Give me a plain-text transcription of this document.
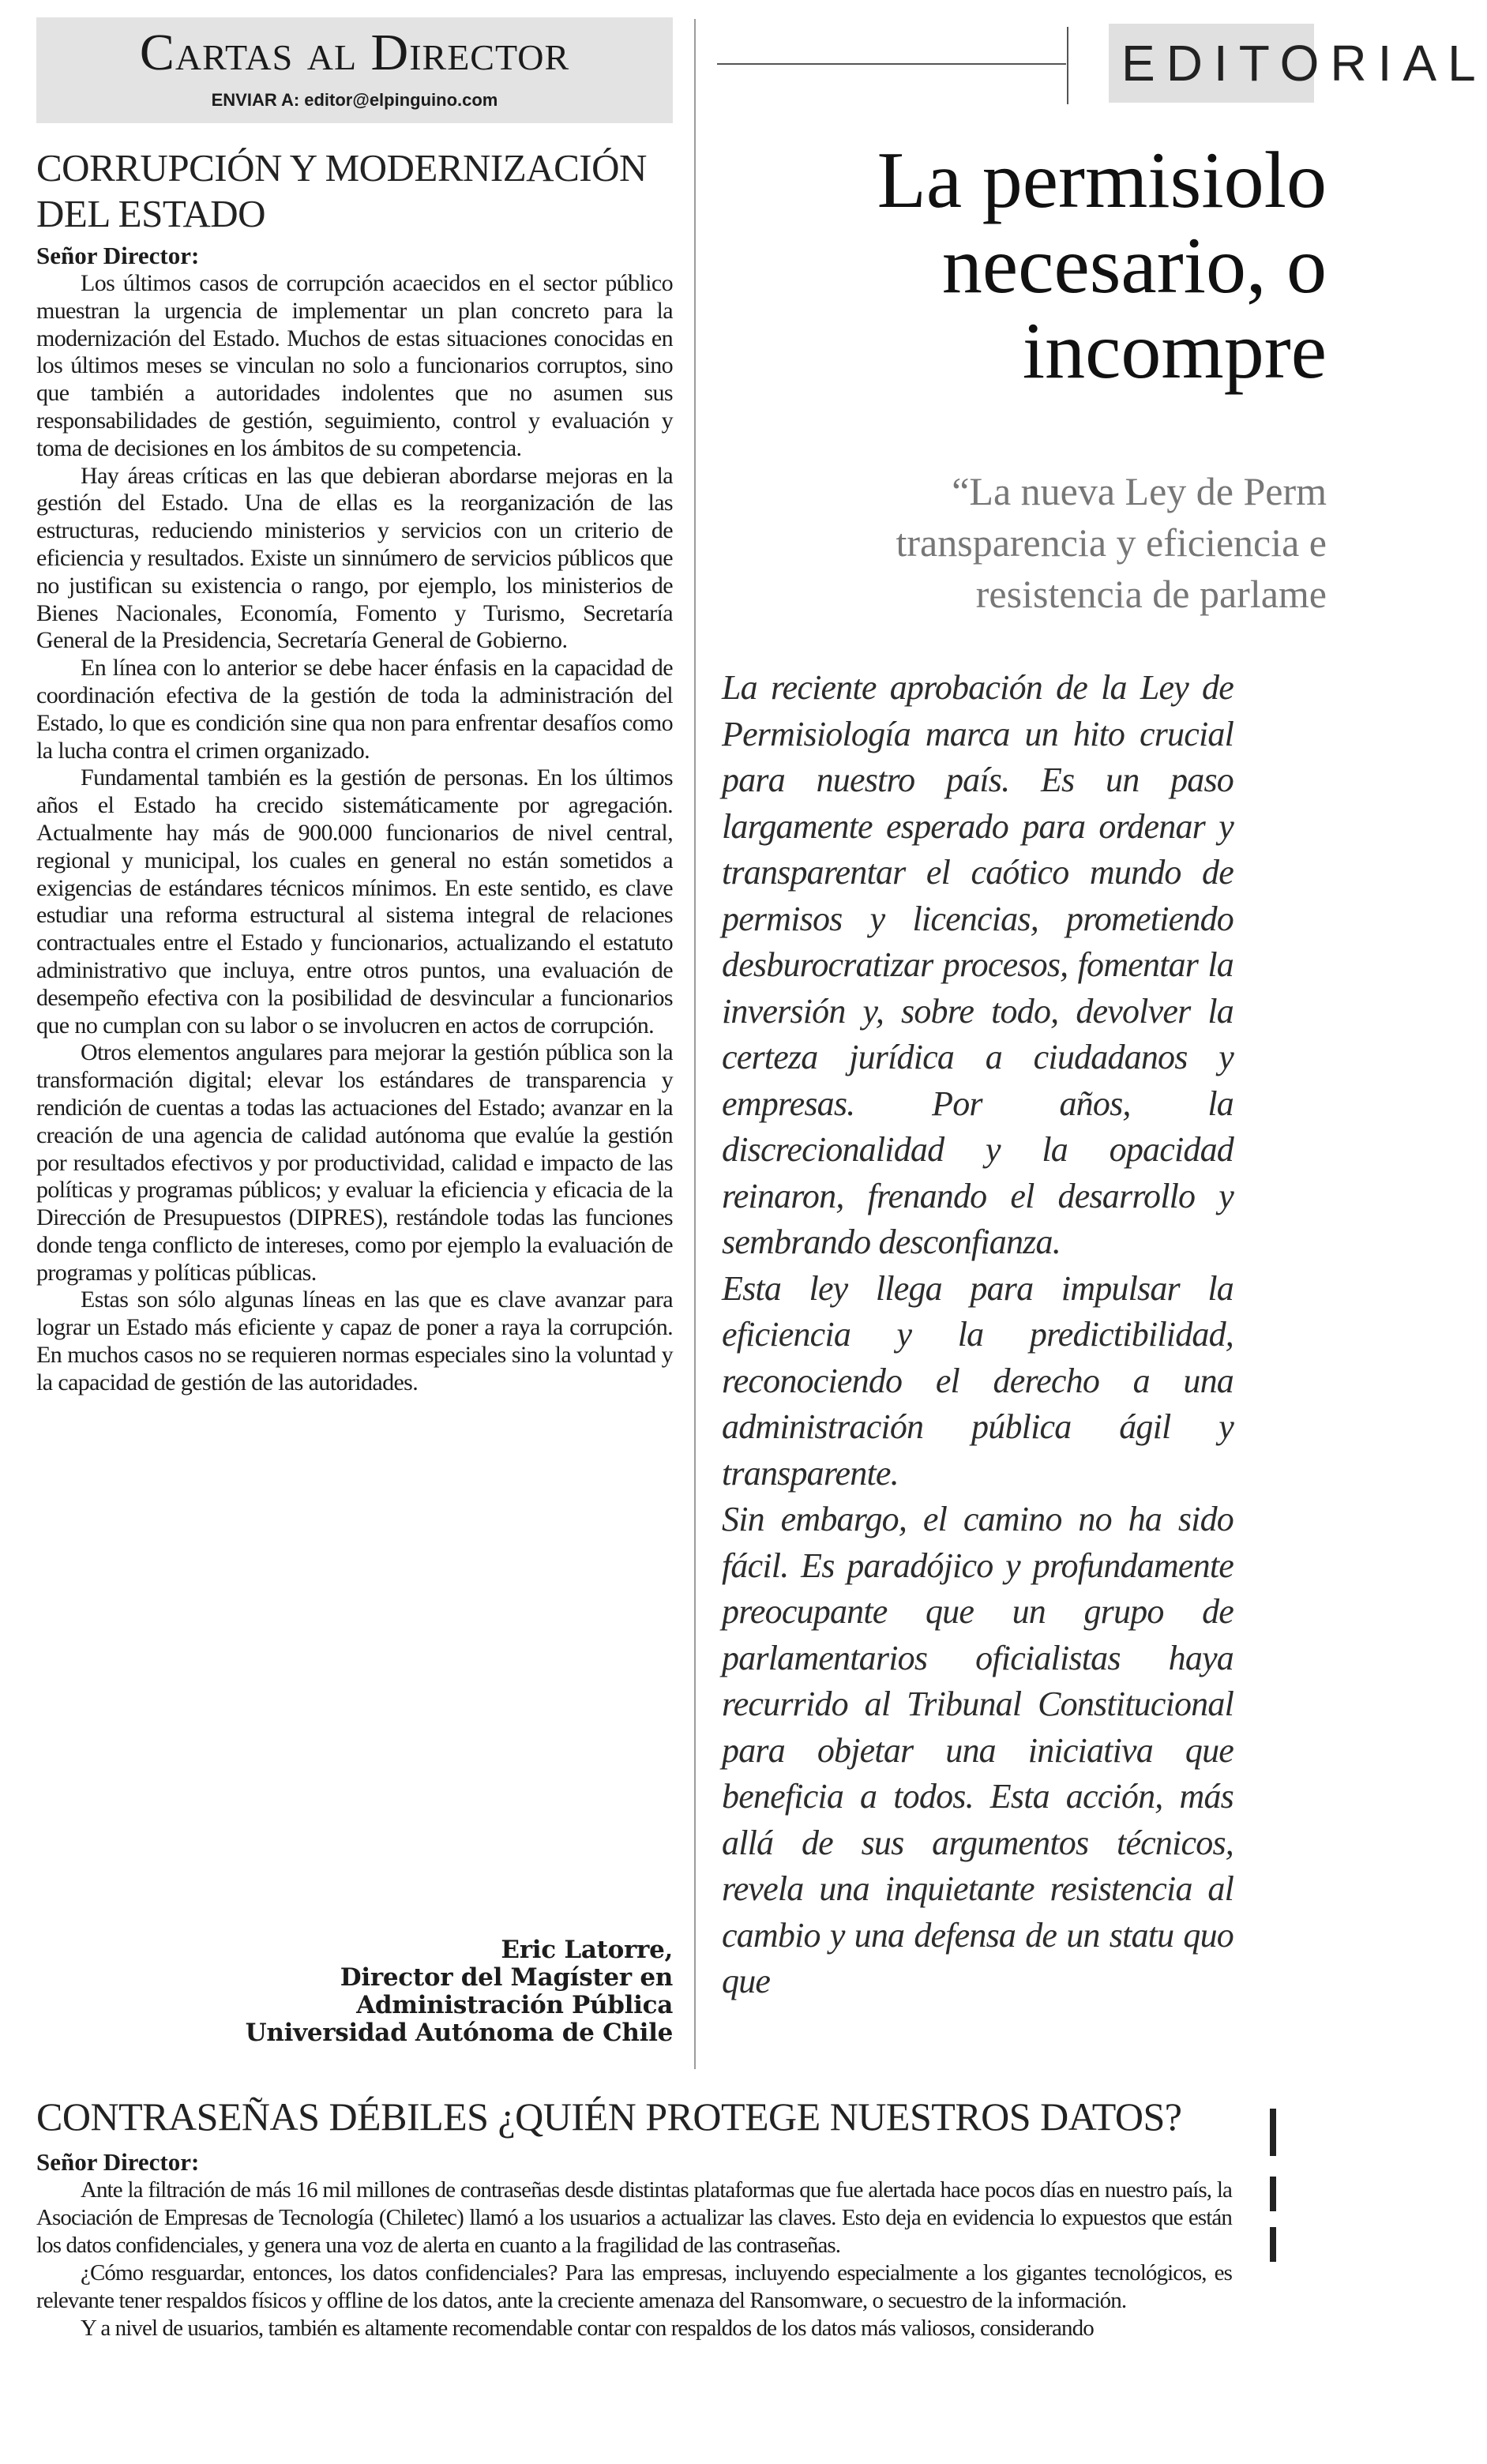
Cartas al Director
ENVIAR A: editor@elpinguino.com
CORRUPCIÓN Y MODERNIZACIÓN DEL ESTADO
Señor Director:

Los últimos casos de corrupción acaecidos en el sector público muestran la urgencia de implementar un plan concreto para la modernización del Estado. Muchos de estas situaciones conocidas en los últimos meses se vinculan no solo a funcionarios corruptos, sino que también a autoridades indolentes que no asumen sus responsabilidades de gestión, seguimiento, control y evaluación y toma de decisiones en los ámbitos de su competencia.

Hay áreas críticas en las que debieran abordarse mejoras en la gestión del Estado. Una de ellas es la reorganización de las estructuras, reduciendo ministerios y servicios con un criterio de eficiencia y resultados. Existe un sinnúmero de servicios públicos que no justifican su existencia o rango, por ejemplo, los ministerios de Bienes Nacionales, Economía, Fomento y Turismo, Secretaría General de la Presidencia, Secretaría General de Gobierno.

En línea con lo anterior se debe hacer énfasis en la capacidad de coordinación efectiva de la gestión de toda la administración del Estado, lo que es condición sine qua non para enfrentar desafíos como la lucha contra el crimen organizado.

Fundamental también es la gestión de personas. En los últimos años el Estado ha crecido sistemáticamente por agregación. Actualmente hay más de 900.000 funcionarios de nivel central, regional y municipal, los cuales en general no están sometidos a exigencias de estándares técnicos mínimos. En este sentido, es clave estudiar una reforma estructural al sistema integral de relaciones contractuales entre el Estado y funcionarios, actualizando el estatuto administrativo que incluya, entre otros puntos, una evaluación de desempeño efectiva con la posibilidad de desvincular a funcionarios que no cumplan con su labor o se involucren en actos de corrupción.

Otros elementos angulares para mejorar la gestión pública son la transformación digital; elevar los estándares de transparencia y rendición de cuentas a todas las actuaciones del Estado; avanzar en la creación de una agencia de calidad autónoma que evalúe la gestión por resultados efectivos y por productividad, calidad e impacto de las políticas y programas públicos; y evaluar la eficiencia y eficacia de la Dirección de Presupuestos (DIPRES), restándole todas las funciones donde tenga conflicto de intereses, como por ejemplo la evaluación de programas y políticas públicas.

Estas son sólo algunas líneas en las que es clave avanzar para lograr un Estado más eficiente y capaz de poner a raya la corrupción. En muchos casos no se requieren normas especiales sino la voluntad y la capacidad de gestión de las autoridades.

Eric Latorre,
Director del Magíster en
Administración Pública
Universidad Autónoma de Chile
EDITORIAL
La permisiolo
necesario, o
incompre
“La nueva Ley de Perm
transparencia y eficiencia e
resistencia de parlame

La reciente aprobación de la Ley de Permisiología marca un hito crucial para nuestro país. Es un paso largamente esperado para ordenar y transparentar el caótico mundo de permisos y licencias, prometiendo desburocratizar procesos, fomentar la inversión y, sobre todo, devolver la certeza jurídica a ciudadanos y empresas. Por años, la discrecionalidad y la opacidad reinaron, frenando el desarrollo y sembrando desconfianza.

Esta ley llega para impulsar la eficiencia y la predictibilidad, reconociendo el derecho a una administración pública ágil y transparente.

Sin embargo, el camino no ha sido fácil. Es paradójico y profundamente preocupante que un grupo de parlamentarios oficialistas haya recurrido al Tribunal Constitucional para objetar una iniciativa que beneficia a todos. Esta acción, más allá de sus argumentos técnicos, revela una inquietante resistencia al cambio y una defensa de un statu quo que

CONTRASEÑAS DÉBILES ¿QUIÉN PROTEGE NUESTROS DATOS?
Señor Director:

Ante la filtración de más 16 mil millones de contraseñas desde distintas plataformas que fue alertada hace pocos días en nuestro país, la Asociación de Empresas de Tecnología (Chiletec) llamó a los usuarios a actualizar las claves. Esto deja en evidencia lo expuestos que están los datos confidenciales, y genera una voz de alerta en cuanto a la fragilidad de las contraseñas.

¿Cómo resguardar, entonces, los datos confidenciales? Para las empresas, incluyendo especialmente a los gigantes tecnológicos, es relevante tener respaldos físicos y offline de los datos, ante la creciente amenaza del Ransomware, o secuestro de la información.

Y a nivel de usuarios, también es altamente recomendable contar con respaldos de los datos más valiosos, considerando
